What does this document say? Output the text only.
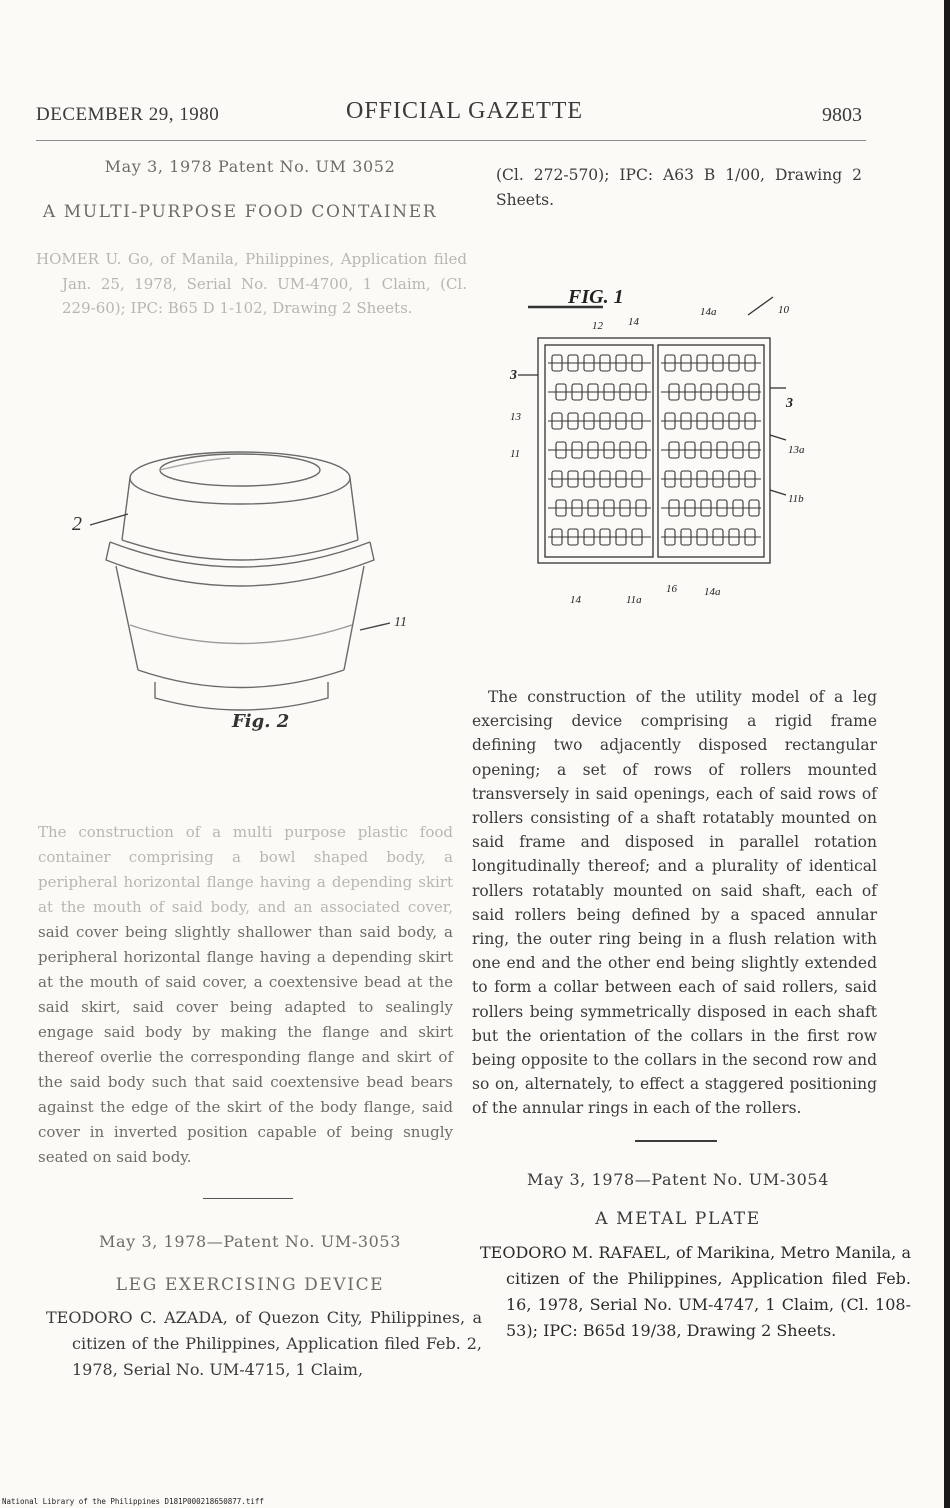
DECEMBER 29, 1980	OFFICIAL GAZETTE	9803
May 3, 1978 Patent No. UM 3052
A MULTI-PURPOSE FOOD CONTAINER
HOMER U. Go, of Manila, Philippines, Application filed Jan. 25, 1978, Serial No. UM-4700, 1 Claim, (Cl. 229-60); IPC: B65 D 1-102, Drawing 2 Sheets.
2
11
Fig. 2
The construction of a multi purpose plastic food container comprising a bowl shaped body, a peripheral horizontal flange having a depending skirt at the mouth of said body, and an associated cover, said cover being slightly shallower than said body, a peripheral horizontal flange having a depending skirt at the mouth of said cover, a coextensive bead at the said skirt, said cover being adapted to sealingly engage said body by making the flange and skirt thereof overlie the corresponding flange and skirt of the said body such that said coextensive bead bears against the edge of the skirt of the body flange, said cover in inverted position capable of being snugly seated on said body.
May 3, 1978—Patent No. UM-3053
LEG EXERCISING DEVICE
TEODORO C. AZADA, of Quezon City, Philippines, a citizen of the Philippines, Application filed Feb. 2, 1978, Serial No. UM-4715, 1 Claim,
(Cl. 272-570); IPC: A63 B 1/00, Drawing 2 Sheets.
FIG. 1
14a	10
12 14
3
3
13
11	13a
11b
16 14a
11a
14
The construction of the utility model of a leg exercising device comprising a rigid frame defining two adjacently disposed rectangular opening; a set of rows of rollers mounted transversely in said openings, each of said rows of rollers consisting of a shaft rotatably mounted on said frame and disposed in parallel rotation longitudinally thereof; and a plurality of identical rollers rotatably mounted on said shaft, each of said rollers being defined by a spaced annular ring, the outer ring being in a flush relation with one end and the other end being slightly extended to form a collar between each of said rollers, said rollers being symmetrically disposed in each shaft but the orientation of the collars in the first row being opposite to the collars in the second row and so on, alternately, to effect a staggered positioning of the annular rings in each of the rollers.
May 3, 1978—Patent No. UM-3054
A METAL PLATE
TEODORO M. RAFAEL, of Marikina, Metro Manila, a citizen of the Philippines, Application filed Feb. 16, 1978, Serial No. UM-4747, 1 Claim, (Cl. 108-53); IPC: B65d 19/38, Drawing 2 Sheets.
National Library of the Philippines D181P000218650877.tiff
